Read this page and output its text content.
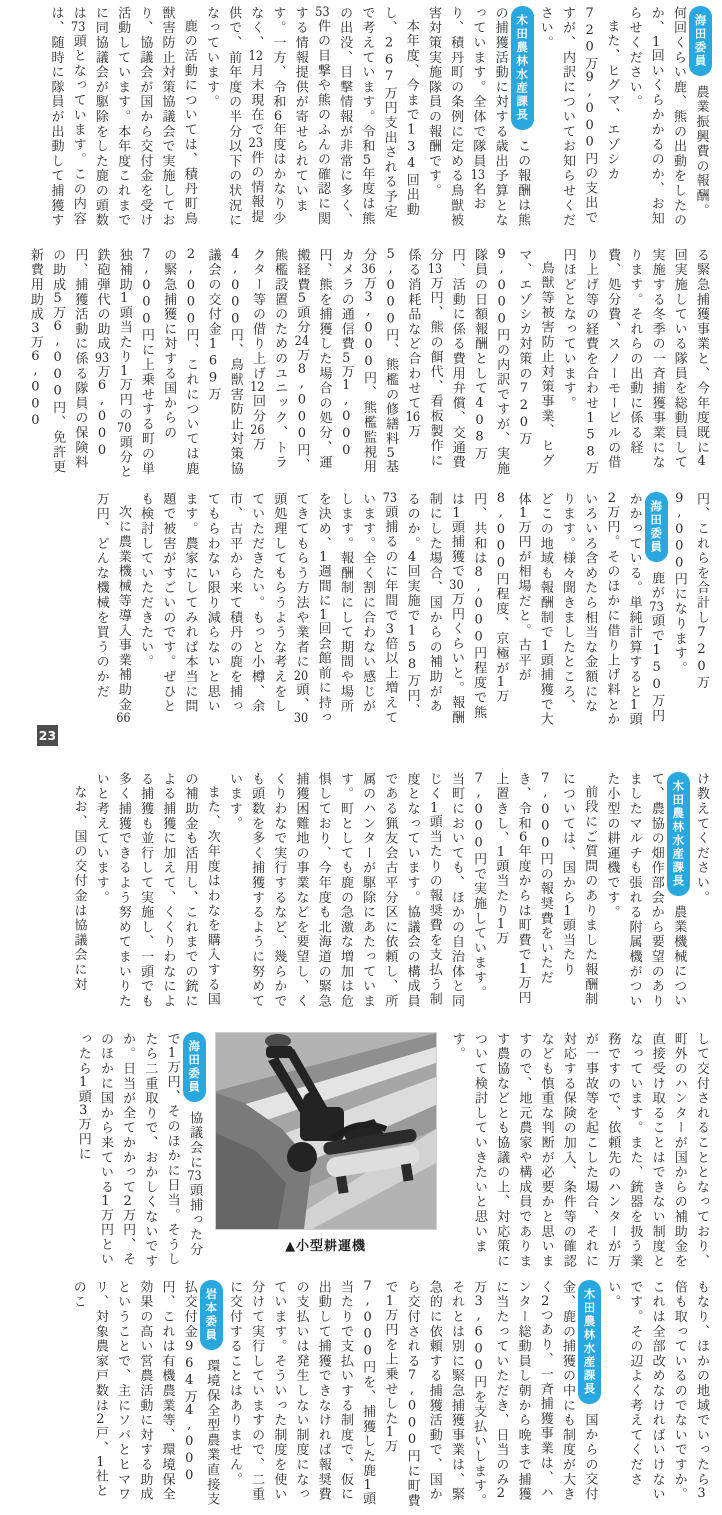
海田委員農業振興費の報酬。何回くらい鹿、熊の出動をしたのか、1回いくらかかるのか、お知らせください。

また、ヒグマ、エゾシカ720万9,000円の支出ですが、内訳についてお知らせください。

木田農林水産課長この報酬は熊の捕獲活動に対する歳出予算となっています。全体で隊員13名おり、積丹町の条例に定める鳥獣被害対策実施隊員の報酬です。

本年度、今まで134回出動し、267万円支出される予定で考えています。令和5年度は熊の出没、目撃情報が非常に多く、53件の目撃や熊のふんの確認に関する情報提供が寄せられています。一方、令和6年度はかなり少なく、12月末現在で23件の情報提供で、前年度の半分以下の状況になっています。

鹿の活動については、積丹町鳥獣害防止対策協議会で実施しており、協議会が国から交付金を受け活動しています。本年度これまでに同協議会が駆除をした鹿の頭数は73頭となっています。この内容は、随時に隊員が出動して捕獲す

る緊急捕獲事業と、今年度既に4回実施している隊員を総動員して実施する冬季の一斉捕獲事業になります。それらの出動に係る経費、処分費、スノーモービルの借り上げ等の経費を合わせ158万円ほどとなっています。

鳥獣等被害防止対策事業、ヒグマ、エゾシカ対策の720万9,000円の内訳ですが、実施隊員の日額報酬として408万円、活動に係る費用弁償、交通費分13万円、熊の餌代、看板製作に係る消耗品など合わせて16万5,000円、熊檻の修繕料5基分36万3,000円、熊檻監視用カメラの通信費5万1,000円、熊を捕獲した場合の処分、運搬経費5頭分24万8,000円、熊檻設置のためのユニック、トラクター等の借り上げ12回分26万4,000円、鳥獣害防止対策協議会の交付金169万2,000円、これについては鹿の緊急捕獲に対する国からの7,000円に上乗せする町の単独補助1頭当たり1万円の70頭分と鉄砲弾代の助成93万6,000円、捕獲活動に係る隊員の保険料の助成5万6,000円、免許更新費用助成3万6,000

円、これらを合計し720万9,000円になります。

海田委員鹿が73頭で150万円かかっている。単純計算すると1頭2万円。そのほかに借り上げ料とかいろいろ含めたら相当な金額になります。様々聞きましたところ、どこの地域も報酬制で1頭捕獲で大体1万円が相場だと。古平が8,000円程度、京極が1万円、共和は8,000円程度で熊は1頭捕獲で30万円くらいと。報酬制にした場合、国からの補助があるのか。4回実施で158万円、73頭捕るのに年間で3倍以上増えています。全く割に合わない感じがします。報酬制にして期間や場所を決め、1週間に1回会館前に持ってきてもらう方法や業者に20頭、30頭処理してもらうような考えをしていただきたい。もっと小樽、余市、古平から来て積丹の鹿を捕ってもらわない限り減らないと思います。農家にしてみれば本当に問題で被害がすごいのです。ぜひとも検討していただきたい。

次に農業機械等導入事業補助金66万円、どんな機械を買うのかだ

け教えてください。

木田農林水産課長農業機械について、農協の畑作部会から要望のありましたマルチも張れる附属機がついた小型の耕運機です。

前段にご質問のありました報酬制については、国から1頭当たり7,000円の報奨費をいただき、令和6年度からは町費で1万円上置きし、1頭当たり1万7,000円で実施しています。当町においても、ほかの自治体と同じく1頭当たりの報奨費を支払う制度となっています。協議会の構成員である猟友会古平分区に依頼し、所属のハンターが駆除にあたっています。町としても鹿の急激な増加は危惧しており、今年度も北海道の緊急捕獲困難地の事業などを要望し、くくりわなで実行するなど、幾らかでも頭数を多く捕獲するように努めています。

また、次年度はわなを購入する国の補助金も活用し、これまでの銃による捕獲に加えて、くくりわなによる捕獲も並行して実施し、一頭でも多く捕獲できるよう努めてまいりたいと考えています。

なお、国の交付金は協議会に対

して交付されることとなっており、町外のハンターが国からの補助金を直接受け取ることはできない制度となっています。また、銃器を扱う業務ですので、依頼先のハンターが万が一事故等を起こした場合、それに対応する保険の加入、条件等の確認なども慎重な判断が必要かと思いますので、地元農家や構成員であります農協などとも協議の上、対応策について検討していきたいと思います。

▲小型耕運機

海田委員協議会に73頭捕った分で1万円、そのほかに日当。そうしたら二重取りで、おかしくないですか。日当が全てかかって2万円、そのほかに国から来ている1万円といったら1頭3万円に

もなり、ほかの地域でいったら3倍も取っているのでないですか。これは全部改めなければいけないです。その辺よく考えてください。

木田農林水産課長国からの交付金、鹿の捕獲の中にも制度が大きく2つあり、一斉捕獲事業は、ハンター総動員し朝から晩まで捕獲に当たっていただき、日当のみ2万3,600円を支払いします。それとは別に緊急捕獲事業は、緊急的に依頼する捕獲活動で、国から交付される7,000円に町費で1万円を上乗せした1万7,000円を、捕獲した鹿1頭当たりで支払いする制度で、仮に出動して捕獲できなければ報奨費の支払いは発生しない制度になっています。そういった制度を使い分けて実行していますので、二重に交付することはありません。

岩本委員環境保全型農業直接支払交付金964万4,000円、これは有機農業等、環境保全効果の高い営農活動に対する助成ということで、主にソバとヒマワリ、対象農家戸数は2戸、1社とのこ

23
